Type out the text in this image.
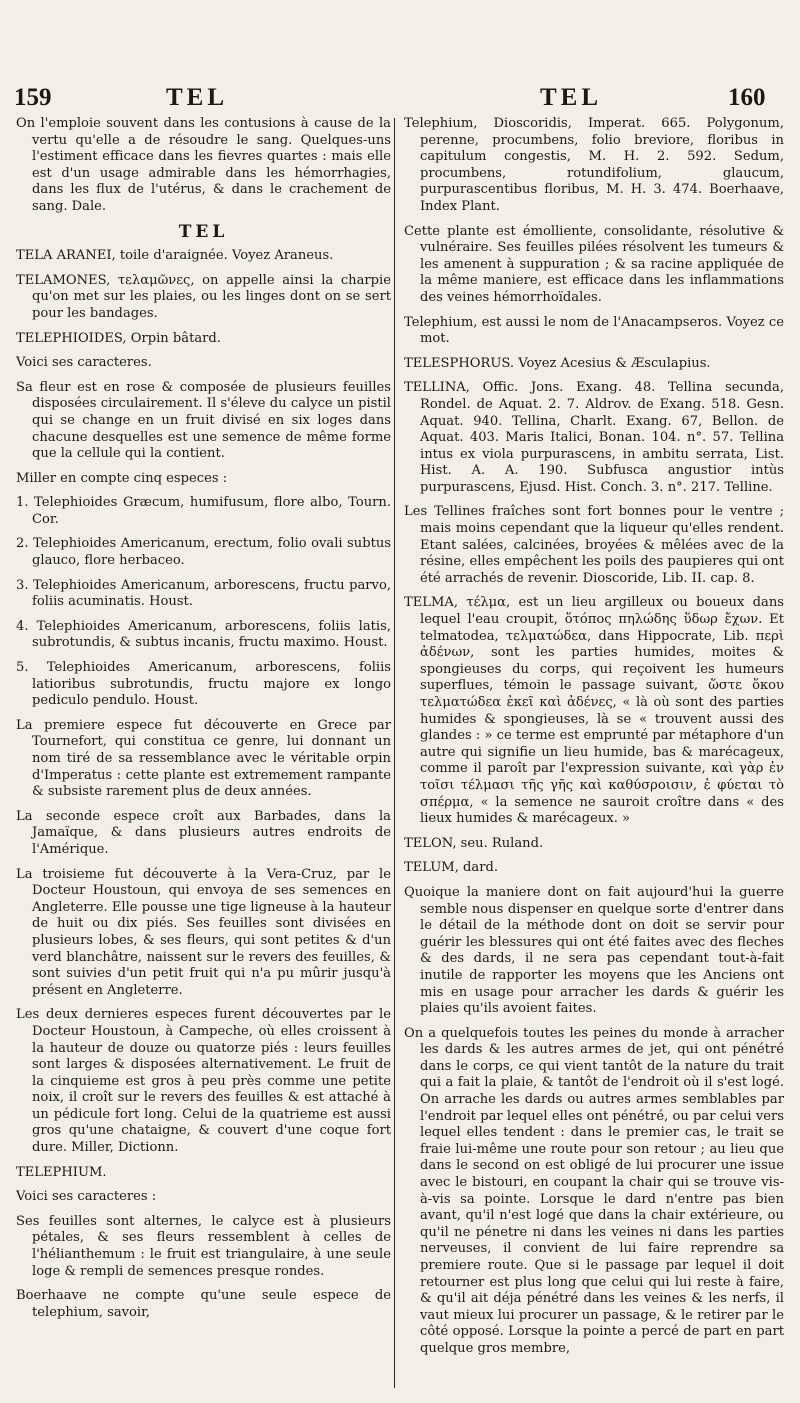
159	TEL	TEL	160

On l'emploie souvent dans les contusions à cause de la vertu qu'elle a de résoudre le sang. Quelques-uns l'estiment efficace dans les fievres quartes : mais elle est d'un usage admirable dans les hémorrhagies, dans les flux de l'utérus, & dans le crachement de sang. Dale.

TEL

TELA ARANEI, toile d'araignée. Voyez Araneus.

TELAMONES, τελαμῶνες, on appelle ainsi la charpie qu'on met sur les plaies, ou les linges dont on se sert pour les bandages.

TELEPHIOIDES, Orpin bâtard.

Voici ses caracteres.

Sa fleur est en rose & composée de plusieurs feuilles disposées circulairement. Il s'éleve du calyce un pistil qui se change en un fruit divisé en six loges dans chacune desquelles est une semence de même forme que la cellule qui la contient.

Miller en compte cinq especes :

1. Telephioides Græcum, humifusum, flore albo, Tourn. Cor.

2. Telephioides Americanum, erectum, folio ovali subtus glauco, flore herbaceo.

3. Telephioides Americanum, arborescens, fructu parvo, foliis acuminatis. Houst.

4. Telephioides Americanum, arborescens, foliis latis, subrotundis, & subtus incanis, fructu maximo. Houst.

5. Telephioides Americanum, arborescens, foliis latioribus subrotundis, fructu majore ex longo pediculo pendulo. Houst.

La premiere espece fut découverte en Grece par Tournefort, qui constitua ce genre, lui donnant un nom tiré de sa ressemblance avec le véritable orpin d'Imperatus : cette plante est extremement rampante & subsiste rarement plus de deux années.

La seconde espece croît aux Barbades, dans la Jamaïque, & dans plusieurs autres endroits de l'Amérique.

La troisieme fut découverte à la Vera-Cruz, par le Docteur Houstoun, qui envoya de ses semences en Angleterre. Elle pousse une tige ligneuse à la hauteur de huit ou dix piés. Ses feuilles sont divisées en plusieurs lobes, & ses fleurs, qui sont petites & d'un verd blanchâtre, naissent sur le revers des feuilles, & sont suivies d'un petit fruit qui n'a pu mûrir jusqu'à présent en Angleterre.

Les deux dernieres especes furent découvertes par le Docteur Houstoun, à Campeche, où elles croissent à la hauteur de douze ou quatorze piés : leurs feuilles sont larges & disposées alternativement. Le fruit de la cinquieme est gros à peu près comme une petite noix, il croît sur le revers des feuilles & est attaché à un pédicule fort long. Celui de la quatrieme est aussi gros qu'une chataigne, & couvert d'une coque fort dure. Miller, Dictionn.

TELEPHIUM.

Voici ses caracteres :

Ses feuilles sont alternes, le calyce est à plusieurs pétales, & ses fleurs ressemblent à celles de l'hélianthemum : le fruit est triangulaire, à une seule loge & rempli de semences presque rondes.

Boerhaave ne compte qu'une seule espece de telephium, savoir,

Telephium, Dioscoridis, Imperat. 665. Polygonum, perenne, procumbens, folio breviore, floribus in capitulum congestis, M. H. 2. 592. Sedum, procumbens, rotundifolium, glaucum, purpurascentibus floribus, M. H. 3. 474. Boerhaave, Index Plant.

Cette plante est émolliente, consolidante, résolutive & vulnéraire. Ses feuilles pilées résolvent les tumeurs & les amenent à suppuration ; & sa racine appliquée de la même maniere, est efficace dans les inflammations des veines hémorrhoïdales.

Telephium, est aussi le nom de l'Anacampseros. Voyez ce mot.

TELESPHORUS. Voyez Acesius & Æsculapius.

TELLINA, Offic. Jons. Exang. 48. Tellina secunda, Rondel. de Aquat. 2. 7. Aldrov. de Exang. 518. Gesn. Aquat. 940. Tellina, Charlt. Exang. 67, Bellon. de Aquat. 403. Maris Italici, Bonan. 104. n°. 57. Tellina intus ex viola purpurascens, in ambitu serrata, List. Hist. A. A. 190. Subfusca angustior intùs purpurascens, Ejusd. Hist. Conch. 3. n°. 217. Telline.

Les Tellines fraîches sont fort bonnes pour le ventre ; mais moins cependant que la liqueur qu'elles rendent. Etant salées, calcinées, broyées & mêlées avec de la résine, elles empêchent les poils des paupieres qui ont été arrachés de revenir. Dioscoride, Lib. II. cap. 8.

TELMA, τέλμα, est un lieu argilleux ou boueux dans lequel l'eau croupit, ὅτόπος πηλώδης ὕδωρ ἔχων. Et telmatodea, τελματώδεα, dans Hippocrate, Lib. περὶ ἀδένων, sont les parties humides, moites & spongieuses du corps, qui reçoivent les humeurs superflues, témoin le passage suivant, ὥστε ὅκου τελματώδεα ἐκεῖ καὶ ἀδένες, « là où sont des parties humides & spongieuses, là se « trouvent aussi des glandes : » ce terme est emprunté par métaphore d'un autre qui signifie un lieu humide, bas & marécageux, comme il paroît par l'expression suivante, καὶ γὰρ ἐν τοῖσι τέλμασι τῆς γῆς καὶ καθύσροισιν, ἐ φύεται τὸ σπέρμα, « la semence ne sauroit croître dans « des lieux humides & marécageux. »

TELON, seu. Ruland.

TELUM, dard.

Quoique la maniere dont on fait aujourd'hui la guerre semble nous dispenser en quelque sorte d'entrer dans le détail de la méthode dont on doit se servir pour guérir les blessures qui ont été faites avec des fleches & des dards, il ne sera pas cependant tout-à-fait inutile de rapporter les moyens que les Anciens ont mis en usage pour arracher les dards & guérir les plaies qu'ils avoient faites.

On a quelquefois toutes les peines du monde à arracher les dards & les autres armes de jet, qui ont pénétré dans le corps, ce qui vient tantôt de la nature du trait qui a fait la plaie, & tantôt de l'endroit où il s'est logé. On arrache les dards ou autres armes semblables par l'endroit par lequel elles ont pénétré, ou par celui vers lequel elles tendent : dans le premier cas, le trait se fraie lui-même une route pour son retour ; au lieu que dans le second on est obligé de lui procurer une issue avec le bistouri, en coupant la chair qui se trouve vis-à-vis sa pointe. Lorsque le dard n'entre pas bien avant, qu'il n'est logé que dans la chair extérieure, ou qu'il ne pénetre ni dans les veines ni dans les parties nerveuses, il convient de lui faire reprendre sa premiere route. Que si le passage par lequel il doit retourner est plus long que celui qui lui reste à faire, & qu'il ait déja pénétré dans les veines & les nerfs, il vaut mieux lui procurer un passage, & le retirer par le côté opposé. Lorsque la pointe a percé de part en part quelque gros membre,
